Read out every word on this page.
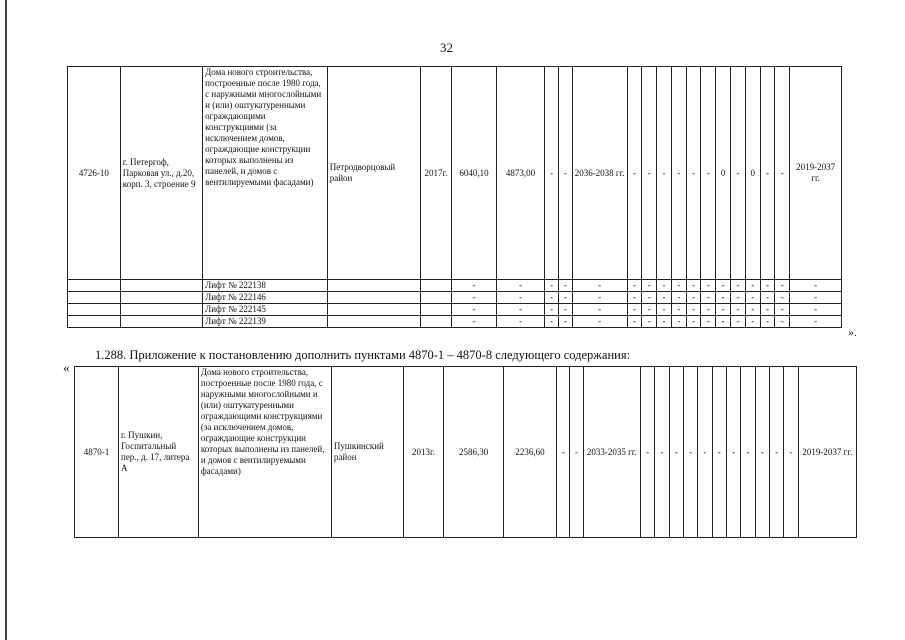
32
4726-10	г. Петергоф, Парковая ул., д.20, корп. 3, строение 9	Дома нового строительства, построенные после 1980 года, с наружными многослойными и (или) оштукатуренными ограждающими конструкциями (за исключением домов, ограждающие конструкции которых выполнены из панелей, и домов с вентилируемыми фасадами)	Петродворцовый район	2017г.	6040,10	4873,00	-	-	2036-2038 гг.	-	-	-	-	-	-	0	-	0	-	-	2019-2037 гг.
		Лифт № 222138			-	-	-	-	-	-	-	-	-	-	-	-	-	-	-	-	-
		Лифт № 222146			-	-	-	-	-	-	-	-	-	-	-	-	-	-	-	-	-
		Лифт № 222145			-	-	-	-	-	-	-	-	-	-	-	-	-	-	-	-	-
		Лифт № 222139			-	-	-	-	-	-	-	-	-	-	-	-	-	-	-	-	-
».
1.288. Приложение к постановлению дополнить пунктами 4870-1 – 4870-8 следующего содержания:
«
4870-1	г. Пушкин, Госпитальный пер., д. 17, литера А	Дома нового строительства, построенные после 1980 года, с наружными многослойными и (или) оштукатуренными ограждающими конструкциями (за исключением домов, ограждающие конструкции которых выполнены из панелей, и домов с вентилируемыми фасадами)	Пушкинский район	2013г.	2586,30	2236,60	-	-	2033-2035 гг.	-	-	-	-	-	-	-	-	-	-	-	2019-2037 гг.
